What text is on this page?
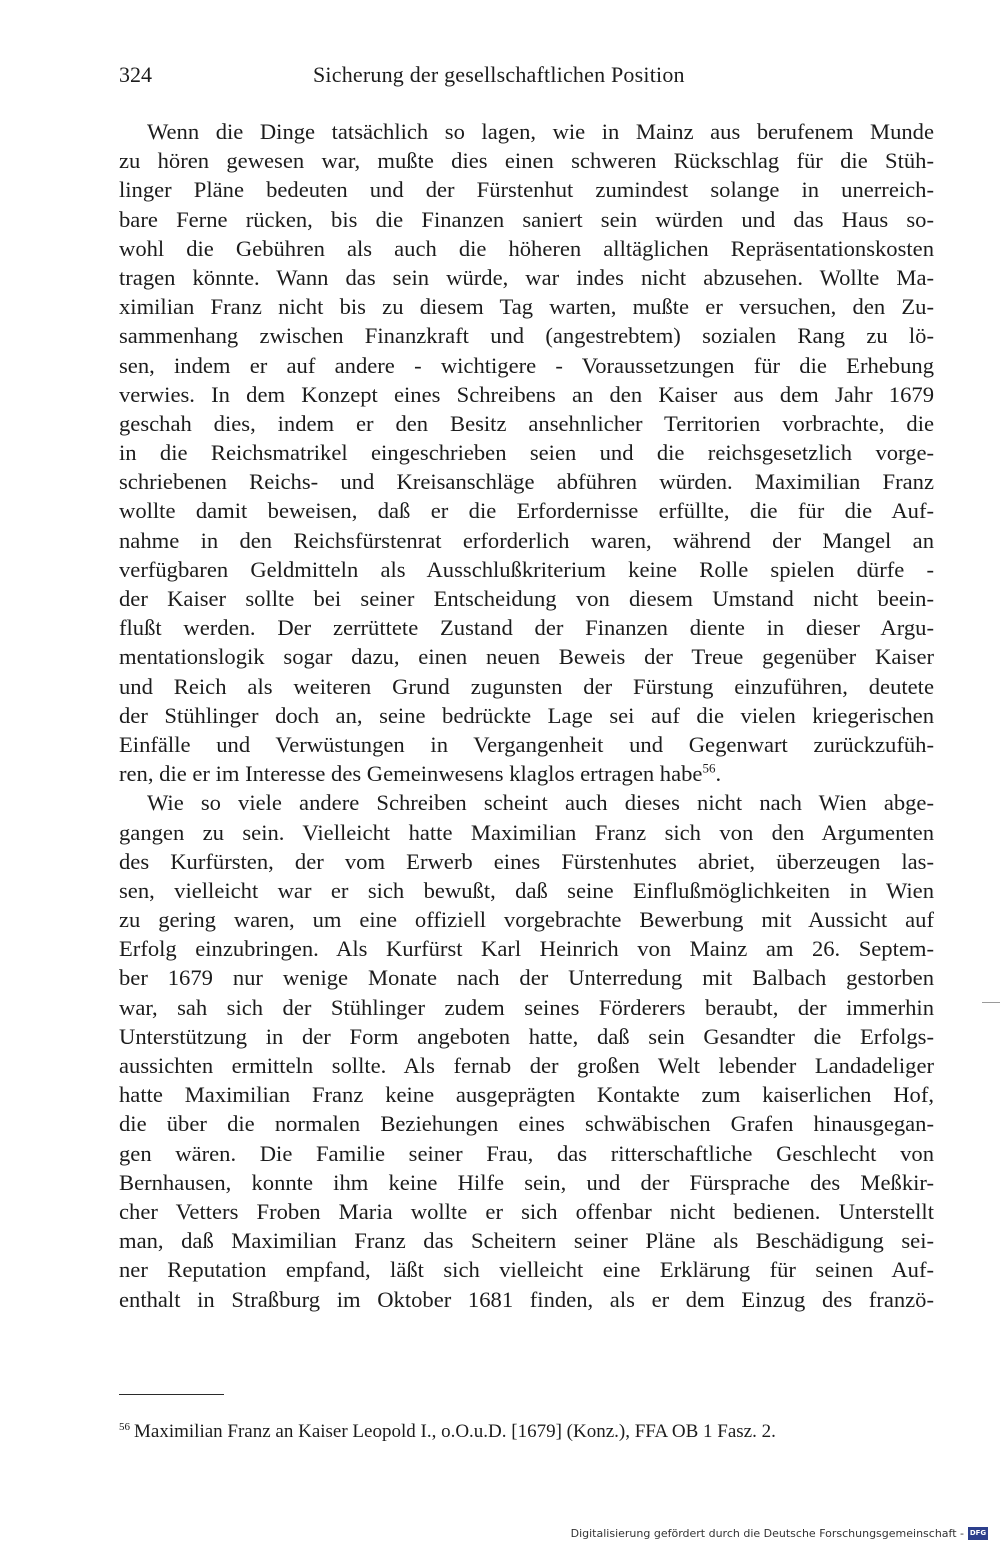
324	Sicherung der gesellschaftlichen Position
Wenn die Dinge tatsächlich so lagen, wie in Mainz aus berufenem Munde
zu hören gewesen war, mußte dies einen schweren Rückschlag für die Stüh-
linger Pläne bedeuten und der Fürstenhut zumindest solange in unerreich-
bare Ferne rücken, bis die Finanzen saniert sein würden und das Haus so-
wohl die Gebühren als auch die höheren alltäglichen Repräsentationskosten
tragen könnte. Wann das sein würde, war indes nicht abzusehen. Wollte Ma-
ximilian Franz nicht bis zu diesem Tag warten, mußte er versuchen, den Zu-
sammenhang zwischen Finanzkraft und (angestrebtem) sozialen Rang zu lö-
sen, indem er auf andere - wichtigere - Voraussetzungen für die Erhebung
verwies. In dem Konzept eines Schreibens an den Kaiser aus dem Jahr 1679
geschah dies, indem er den Besitz ansehnlicher Territorien vorbrachte, die
in die Reichsmatrikel eingeschrieben seien und die reichsgesetzlich vorge-
schriebenen Reichs- und Kreisanschläge abführen würden. Maximilian Franz
wollte damit beweisen, daß er die Erfordernisse erfüllte, die für die Auf-
nahme in den Reichsfürstenrat erforderlich waren, während der Mangel an
verfügbaren Geldmitteln als Ausschlußkriterium keine Rolle spielen dürfe -
der Kaiser sollte bei seiner Entscheidung von diesem Umstand nicht beein-
flußt werden. Der zerrüttete Zustand der Finanzen diente in dieser Argu-
mentationslogik sogar dazu, einen neuen Beweis der Treue gegenüber Kaiser
und Reich als weiteren Grund zugunsten der Fürstung einzuführen, deutete
der Stühlinger doch an, seine bedrückte Lage sei auf die vielen kriegerischen
Einfälle und Verwüstungen in Vergangenheit und Gegenwart zurückzufüh-
ren, die er im Interesse des Gemeinwesens klaglos ertragen habe$^{56}$.
Wie so viele andere Schreiben scheint auch dieses nicht nach Wien abge-
gangen zu sein. Vielleicht hatte Maximilian Franz sich von den Argumenten
des Kurfürsten, der vom Erwerb eines Fürstenhutes abriet, überzeugen las-
sen, vielleicht war er sich bewußt, daß seine Einflußmöglichkeiten in Wien
zu gering waren, um eine offiziell vorgebrachte Bewerbung mit Aussicht auf
Erfolg einzubringen. Als Kurfürst Karl Heinrich von Mainz am 26. Septem-
ber 1679 nur wenige Monate nach der Unterredung mit Balbach gestorben
war, sah sich der Stühlinger zudem seines Förderers beraubt, der immerhin
Unterstützung in der Form angeboten hatte, daß sein Gesandter die Erfolgs-
aussichten ermitteln sollte. Als fernab der großen Welt lebender Landadeliger
hatte Maximilian Franz keine ausgeprägten Kontakte zum kaiserlichen Hof,
die über die normalen Beziehungen eines schwäbischen Grafen hinausgegan-
gen wären. Die Familie seiner Frau, das ritterschaftliche Geschlecht von
Bernhausen, konnte ihm keine Hilfe sein, und der Fürsprache des Meßkir-
cher Vetters Froben Maria wollte er sich offenbar nicht bedienen. Unterstellt
man, daß Maximilian Franz das Scheitern seiner Pläne als Beschädigung sei-
ner Reputation empfand, läßt sich vielleicht eine Erklärung für seinen Auf-
enthalt in Straßburg im Oktober 1681 finden, als er dem Einzug des franzö-
$^{56}$ Maximilian Franz an Kaiser Leopold I., o.O.u.D. [1679] (Konz.), FFA OB 1 Fasz. 2.
Digitalisierung gefördert durch die Deutsche Forschungsgemeinschaft - DFG
